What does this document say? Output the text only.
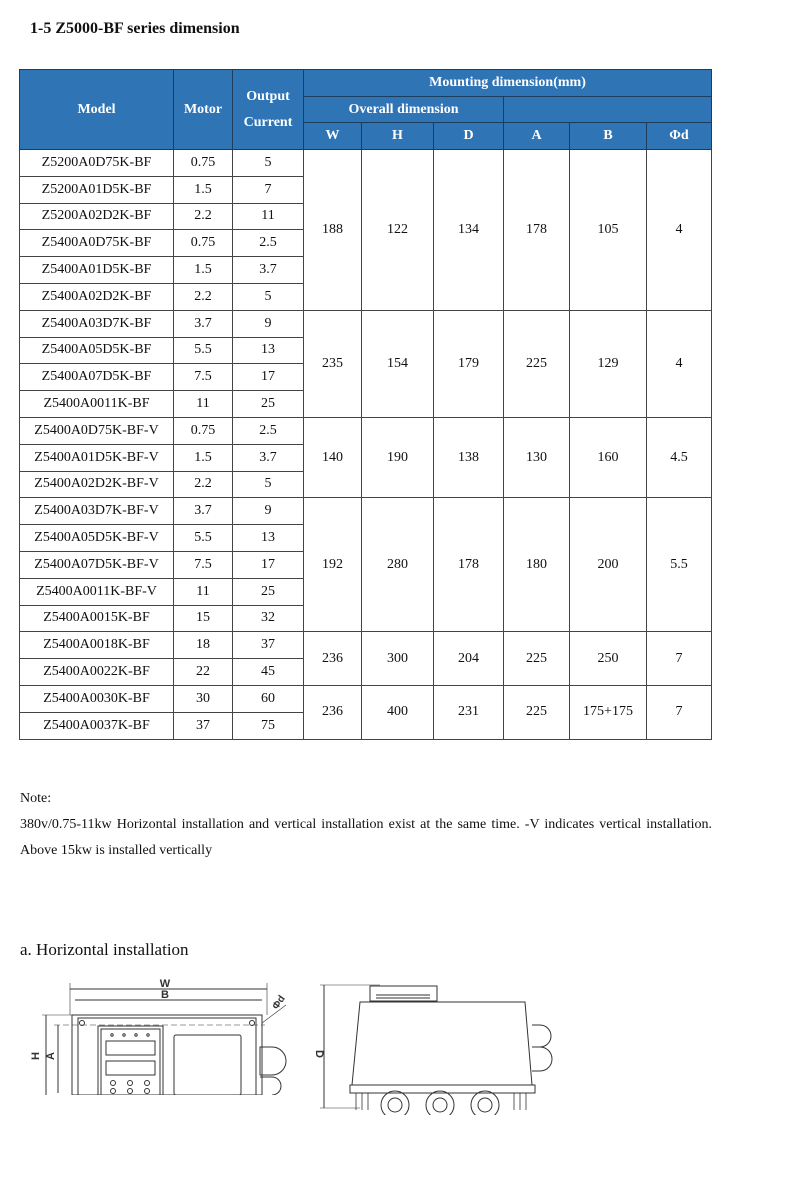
1-5 Z5000-BF series dimension
Model	Motor	Output
Current	Mounting dimension(mm)					
			Overall dimension					
			W	H	D	A	B	Φd
Z5200A0D75K-BF	0.75	5	188	122	134	178	105	4
Z5200A01D5K-BF	1.5	7						
Z5200A02D2K-BF	2.2	11						
Z5400A0D75K-BF	0.75	2.5						
Z5400A01D5K-BF	1.5	3.7						
Z5400A02D2K-BF	2.2	5						
Z5400A03D7K-BF	3.7	9	235	154	179	225	129	4
Z5400A05D5K-BF	5.5	13						
Z5400A07D5K-BF	7.5	17						
Z5400A0011K-BF	11	25						
Z5400A0D75K-BF-V	0.75	2.5	140	190	138	130	160	4.5
Z5400A01D5K-BF-V	1.5	3.7						
Z5400A02D2K-BF-V	2.2	5						
Z5400A03D7K-BF-V	3.7	9	192	280	178	180	200	5.5
Z5400A05D5K-BF-V	5.5	13						
Z5400A07D5K-BF-V	7.5	17						
Z5400A0011K-BF-V	11	25						
Z5400A0015K-BF	15	32						
Z5400A0018K-BF	18	37	236	300	204	225	250	7
Z5400A0022K-BF	22	45						
Z5400A0030K-BF	30	60	236	400	231	225	175+175	7
Z5400A0037K-BF	37	75						
Note:
380v/0.75-11kw Horizontal installation and vertical installation exist at the same time. -V indicates vertical installation. Above 15kw is installed vertically
a. Horizontal installation
W
B	Φd
H A	D
